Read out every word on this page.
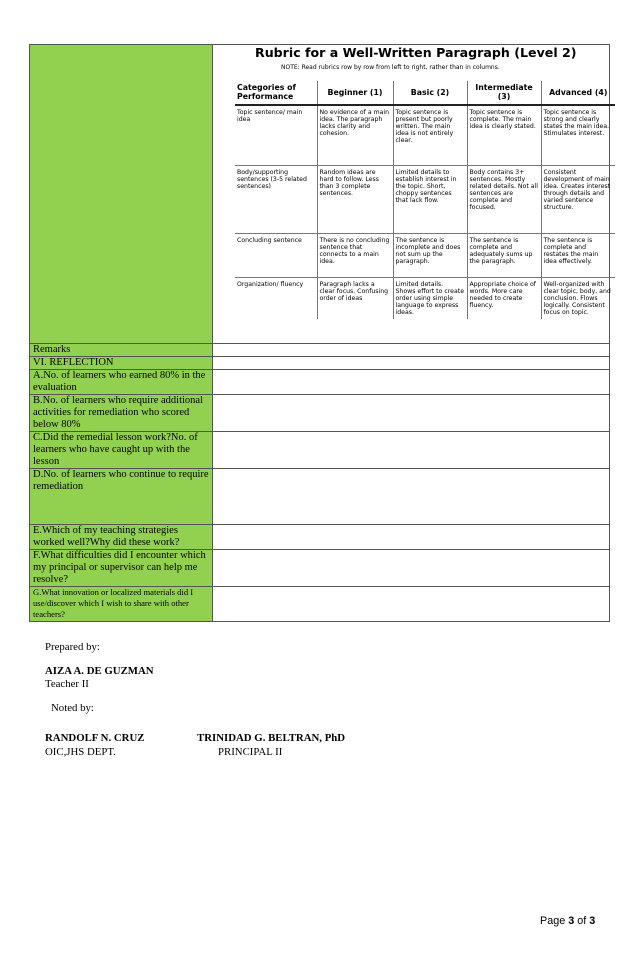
Rubric for a Well-Written Paragraph (Level 2)
NOTE: Read rubrics row by row from left to right, rather than in columns.
Categories of Performance	Beginner (1)	Basic (2)	Intermediate (3)	Advanced (4)
Topic sentence/ main idea	No evidence of a main idea. The paragraph lacks clarity and cohesion.	Topic sentence is present but poorly written. The main idea is not entirely clear.	Topic sentence is complete. The main idea is clearly stated.	Topic sentence is strong and clearly states the main idea. Stimulates interest.
Body/supporting sentences (3-5 related sentences)	Random ideas are hard to follow. Less than 3 complete sentences.	Limited details to establish interest in the topic. Short, choppy sentences that lack flow.	Body contains 3+ sentences. Mostly related details. Not all sentences are complete and focused.	Consistent development of main idea. Creates interest through details and varied sentence structure.
Concluding sentence	There is no concluding sentence that connects to a main idea.	The sentence is incomplete and does not sum up the paragraph.	The sentence is complete and adequately sums up the paragraph.	The sentence is complete and restates the main idea effectively.
Organization/ fluency	Paragraph lacks a clear focus. Confusing order of ideas	Limited details. Shows effort to create order using simple language to express ideas.	Appropriate choice of words. More care needed to create fluency.	Well-organized with clear topic, body, and conclusion. Flows logically. Consistent focus on topic.

Remarks	
VI. REFLECTION	
A.No. of learners who earned 80% in the evaluation	
B.No. of learners who require additional activities for remediation who scored below 80%	
C.Did the remedial lesson work?No. of learners who have caught up with the lesson	
D.No. of learners who continue to require remediation	
E.Which of my teaching strategies worked well?Why did these work?	
F.What difficulties did I encounter which my principal or supervisor can help me resolve?	
G.What innovation or localized materials did I use/discover which I wish to share with other teachers?	
Prepared by:
AIZA A. DE GUZMAN
Teacher II
Noted by:
RANDOLF N. CRUZ
OIC,JHS DEPT.
TRINIDAD G. BELTRAN, PhD
PRINCIPAL II
Page 3 of 3
